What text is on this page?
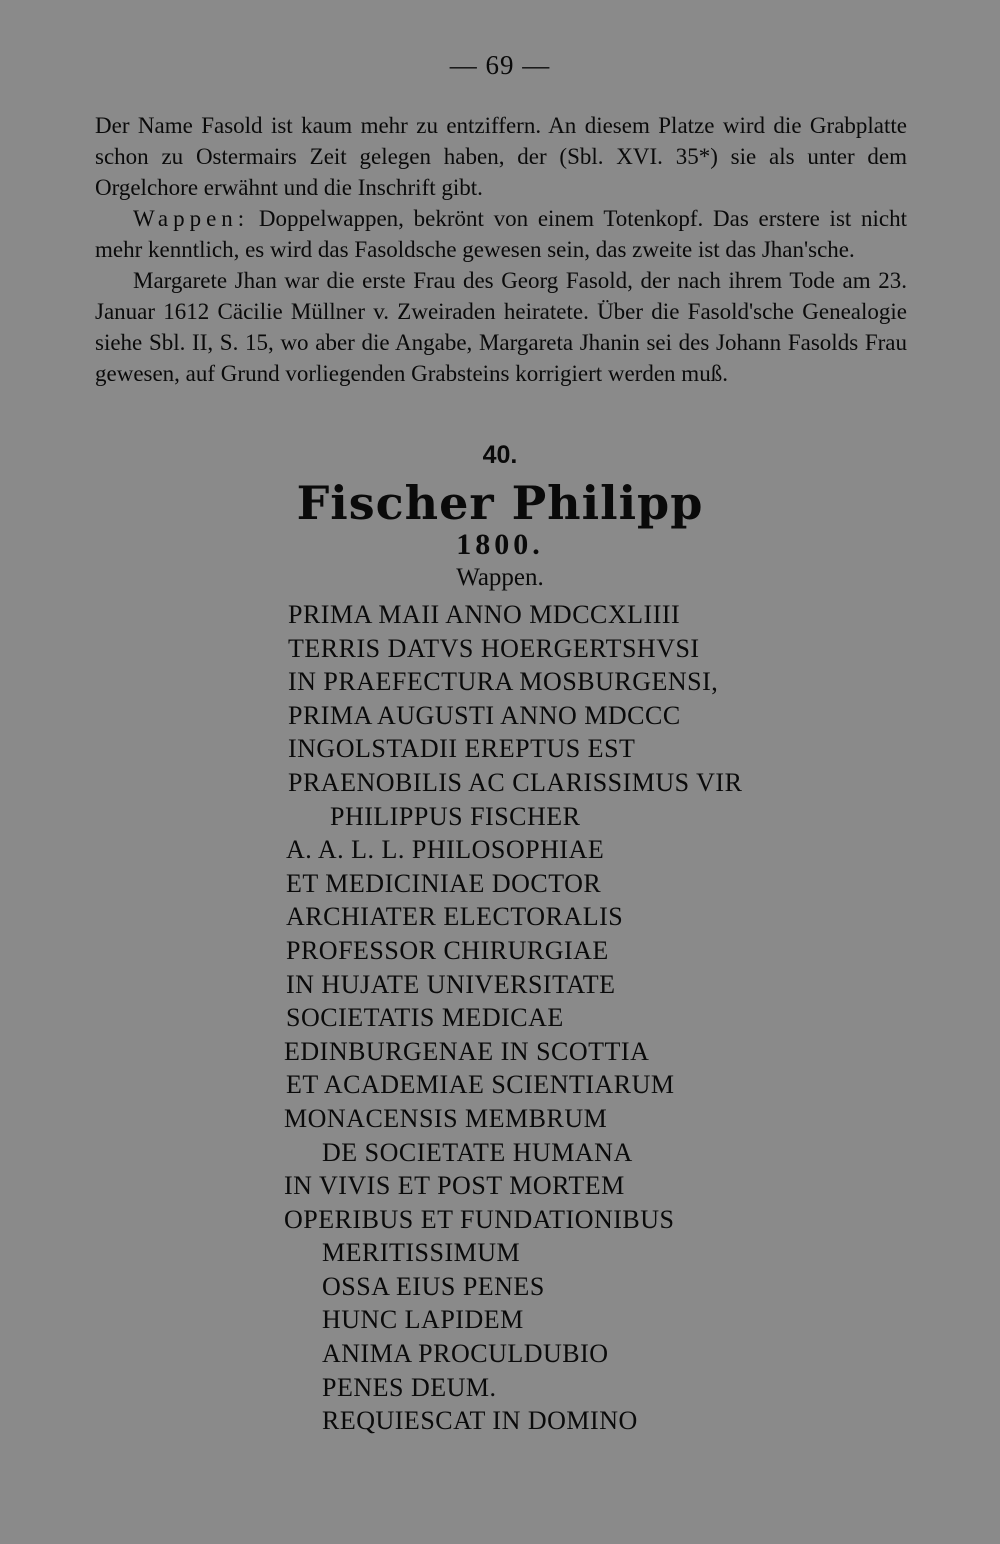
— 69 —

Der Name Fasold ist kaum mehr zu entziffern. An diesem Platze wird die Grabplatte schon zu Ostermairs Zeit gelegen haben, der (Sbl. XVI. 35*) sie als unter dem Orgelchore erwähnt und die Inschrift gibt.

Wappen: Doppelwappen, bekrönt von einem Totenkopf. Das erstere ist nicht mehr kenntlich, es wird das Fasoldsche gewesen sein, das zweite ist das Jhan'sche.

Margarete Jhan war die erste Frau des Georg Fasold, der nach ihrem Tode am 23. Januar 1612 Cäcilie Müllner v. Zweiraden heiratete. Über die Fasold'sche Genealogie siehe Sbl. II, S. 15, wo aber die Angabe, Margareta Jhanin sei des Johann Fasolds Frau gewesen, auf Grund vorliegenden Grabsteins korrigiert werden muß.

40.
Fischer Philipp
1800.
Wappen.
PRIMA MAII ANNO MDCCXLIIII
TERRIS DATVS HOERGERTSHVSI
IN PRAEFECTURA MOSBURGENSI,
PRIMA AUGUSTI ANNO MDCCC
INGOLSTADII EREPTUS EST
PRAENOBILIS AC CLARISSIMUS VIR
PHILIPPUS FISCHER
A. A. L. L. PHILOSOPHIAE
ET MEDICINIAE DOCTOR
ARCHIATER ELECTORALIS
PROFESSOR CHIRURGIAE
IN HUJATE UNIVERSITATE
SOCIETATIS MEDICAE
EDINBURGENAE IN SCOTTIA
ET ACADEMIAE SCIENTIARUM
MONACENSIS MEMBRUM
DE SOCIETATE HUMANA
IN VIVIS ET POST MORTEM
OPERIBUS ET FUNDATIONIBUS
MERITISSIMUM
OSSA EIUS PENES
HUNC LAPIDEM
ANIMA PROCULDUBIO
PENES DEUM.
REQUIESCAT IN DOMINO
